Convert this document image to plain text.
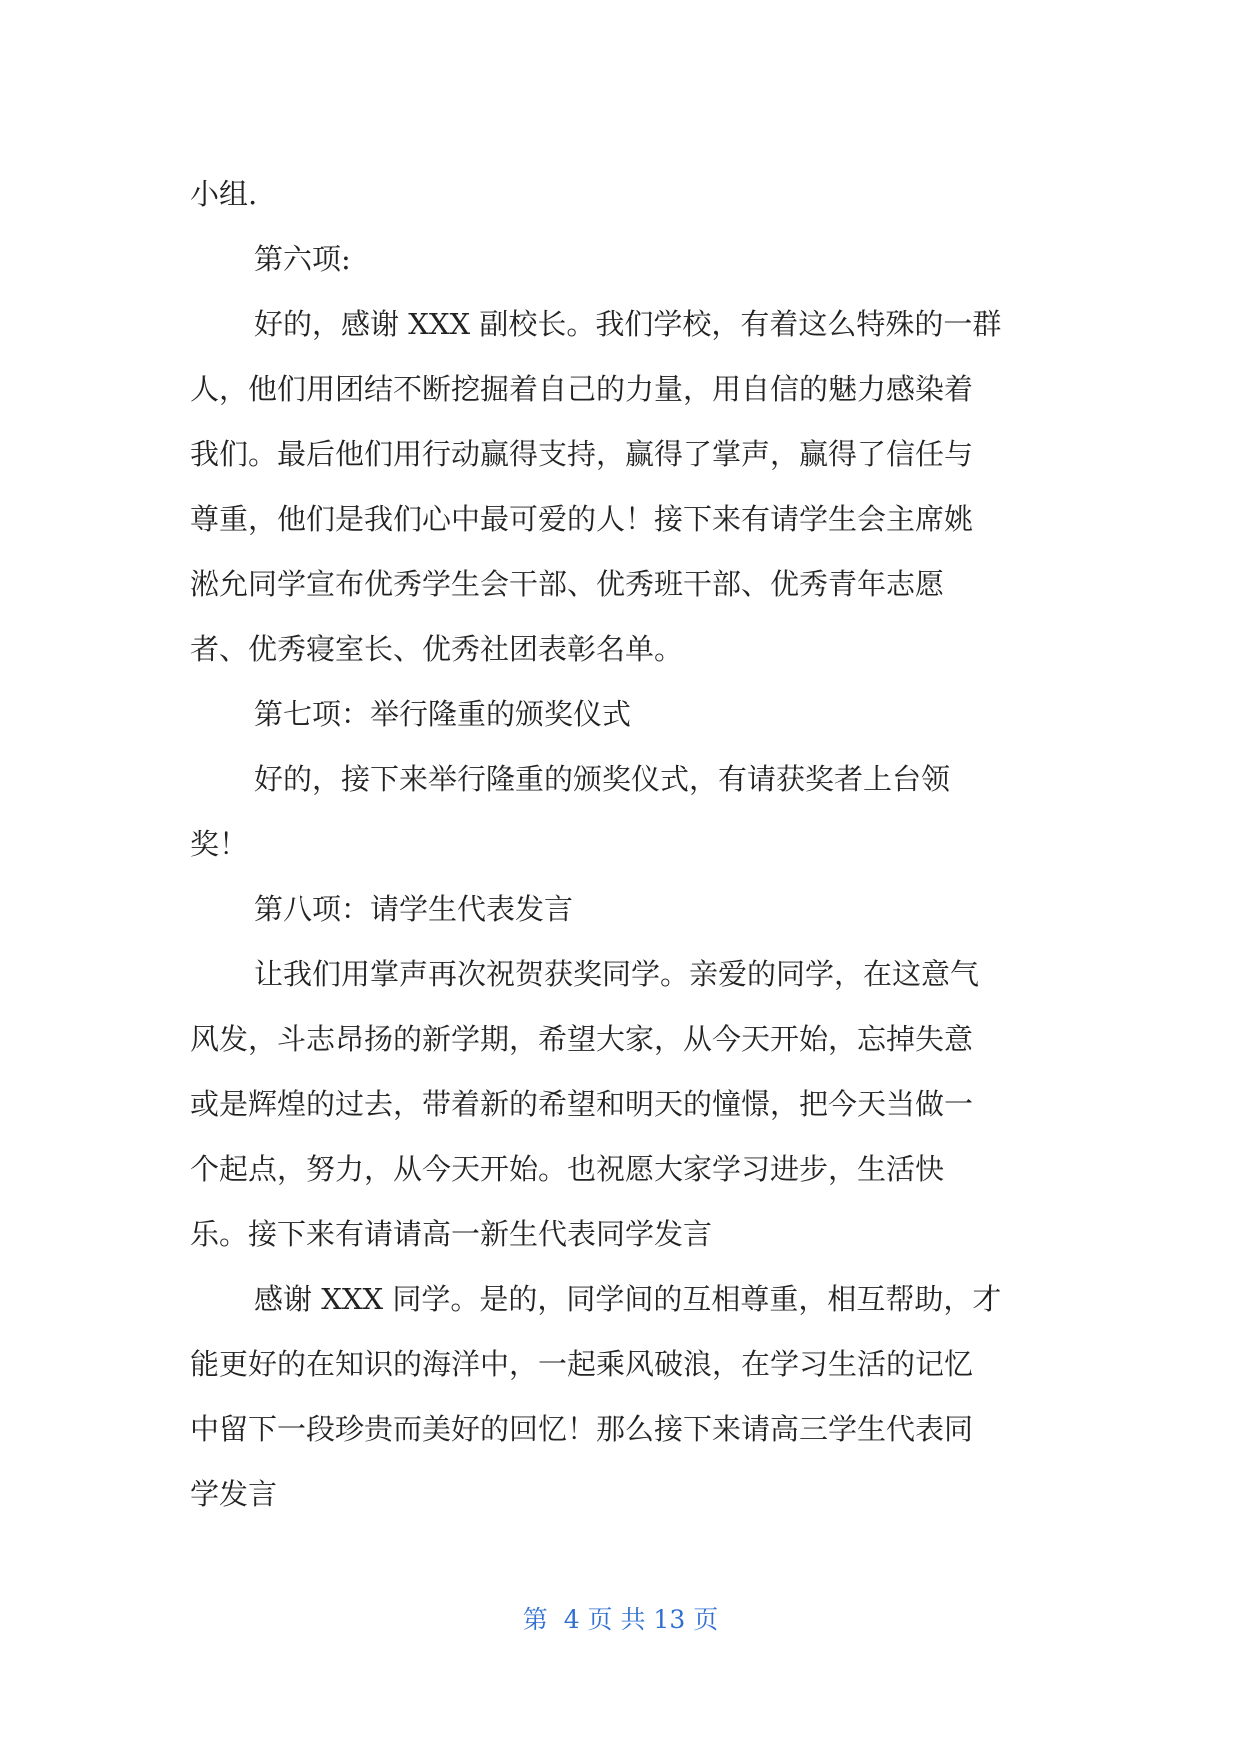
小组.
第六项:
好的，感谢 XXX 副校长。我们学校，有着这么特殊的一群
人，他们用团结不断挖掘着自己的力量，用自信的魅力感染着
我们。最后他们用行动赢得支持，赢得了掌声，赢得了信任与
尊重，他们是我们心中最可爱的人！接下来有请学生会主席姚
淞允同学宣布优秀学生会干部、优秀班干部、优秀青年志愿
者、优秀寝室长、优秀社团表彰名单。
第七项：举行隆重的颁奖仪式
好的，接下来举行隆重的颁奖仪式，有请获奖者上台领
奖！
第八项：请学生代表发言
让我们用掌声再次祝贺获奖同学。亲爱的同学，在这意气
风发，斗志昂扬的新学期，希望大家，从今天开始，忘掉失意
或是辉煌的过去，带着新的希望和明天的憧憬，把今天当做一
个起点，努力，从今天开始。也祝愿大家学习进步，生活快
乐。接下来有请请高一新生代表同学发言
感谢 XXX 同学。是的，同学间的互相尊重，相互帮助，才
能更好的在知识的海洋中，一起乘风破浪，在学习生活的记忆
中留下一段珍贵而美好的回忆！那么接下来请高三学生代表同
学发言
第  4 页 共 13 页
